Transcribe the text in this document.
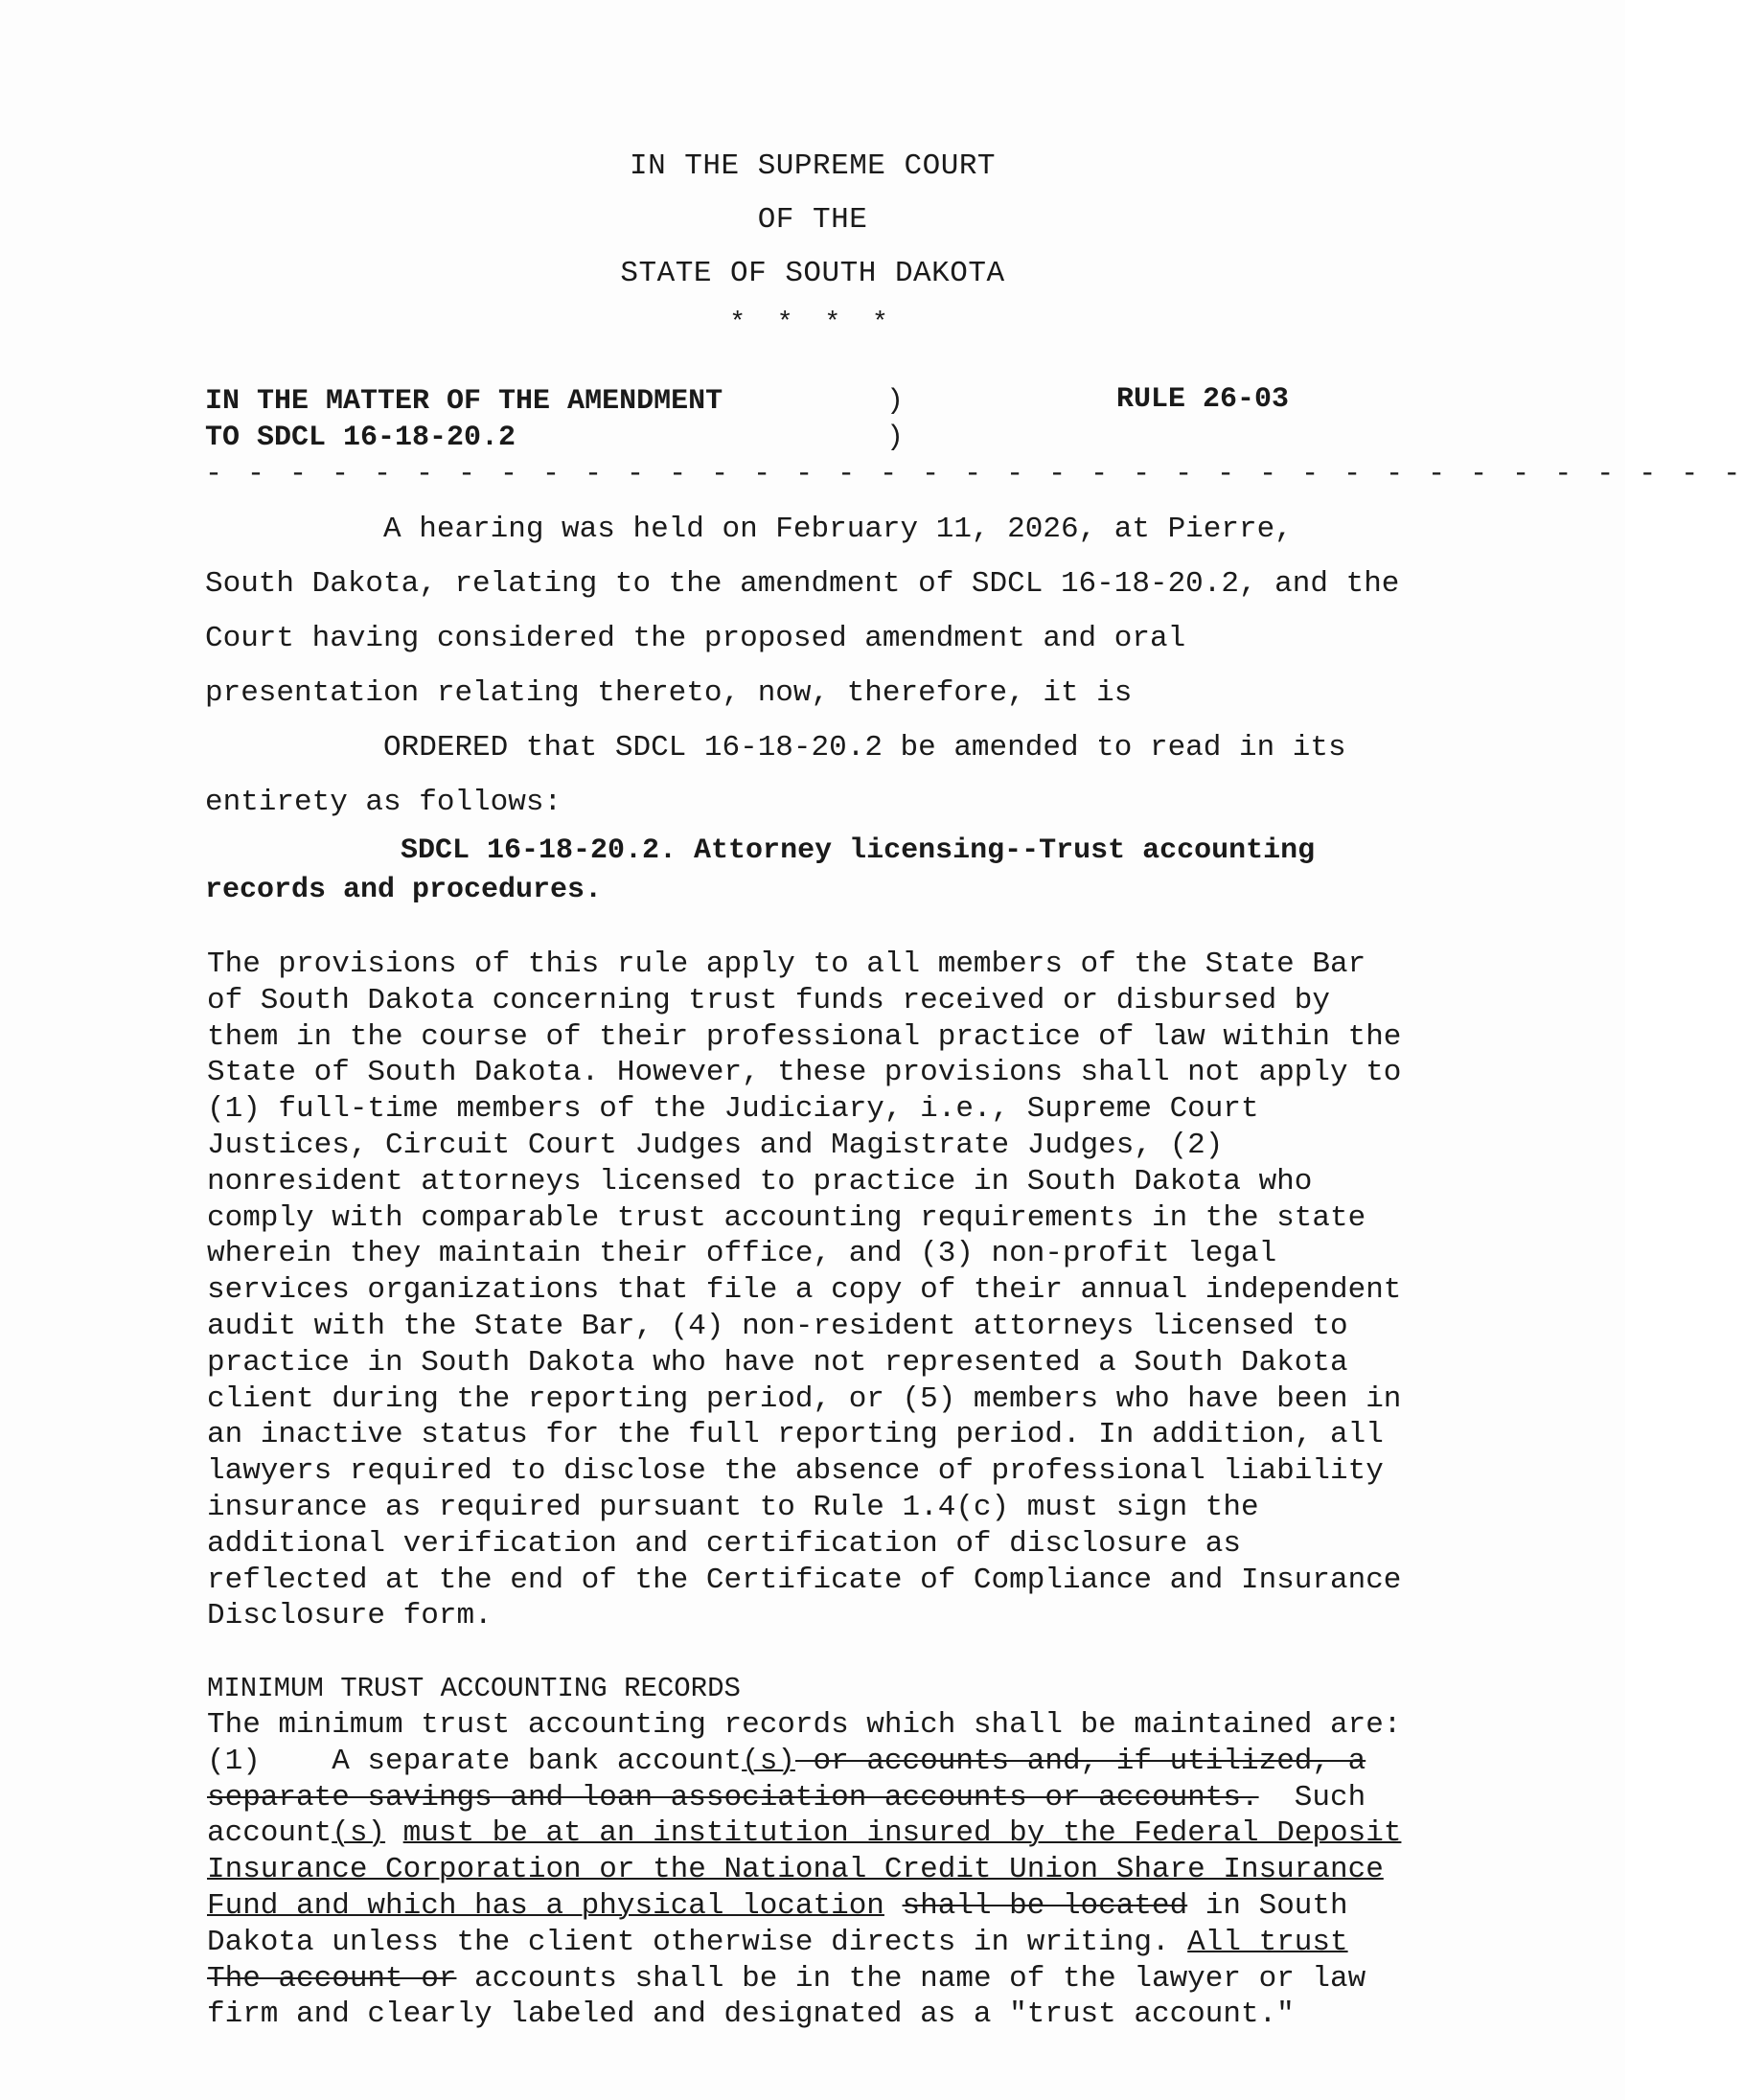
IN THE SUPREME COURT
OF THE
STATE OF SOUTH DAKOTA
* * * *
IN THE MATTER OF THE AMENDMENT
TO SDCL 16-18-20.2
)
)
RULE 26-03
- - - - - - - - - - - - - - - - - - - - - - - - - - - - - - - - - - - - -
A hearing was held on February 11, 2026, at Pierre,
South Dakota, relating to the amendment of SDCL 16-18-20.2, and the
Court having considered the proposed amendment and oral
presentation relating thereto, now, therefore, it is
ORDERED that SDCL 16-18-20.2 be amended to read in its
entirety as follows:
SDCL 16-18-20.2. Attorney licensing--Trust accounting
records and procedures.
The provisions of this rule apply to all members of the State Bar
of South Dakota concerning trust funds received or disbursed by
them in the course of their professional practice of law within the
State of South Dakota. However, these provisions shall not apply to
(1) full-time members of the Judiciary, i.e., Supreme Court
Justices, Circuit Court Judges and Magistrate Judges, (2)
nonresident attorneys licensed to practice in South Dakota who
comply with comparable trust accounting requirements in the state
wherein they maintain their office, and (3) non-profit legal
services organizations that file a copy of their annual independent
audit with the State Bar, (4) non-resident attorneys licensed to
practice in South Dakota who have not represented a South Dakota
client during the reporting period, or (5) members who have been in
an inactive status for the full reporting period. In addition, all
lawyers required to disclose the absence of professional liability
insurance as required pursuant to Rule 1.4(c) must sign the
additional verification and certification of disclosure as
reflected at the end of the Certificate of Compliance and Insurance
Disclosure form.
MINIMUM TRUST ACCOUNTING RECORDS
The minimum trust accounting records which shall be maintained are:
(1)    A separate bank account(s) or accounts and, if utilized, a
separate savings and loan association accounts or accounts.  Such
account(s) must be at an institution insured by the Federal Deposit
Insurance Corporation or the National Credit Union Share Insurance
Fund and which has a physical location shall be located in South
Dakota unless the client otherwise directs in writing. All trust
The account or accounts shall be in the name of the lawyer or law
firm and clearly labeled and designated as a "trust account."
